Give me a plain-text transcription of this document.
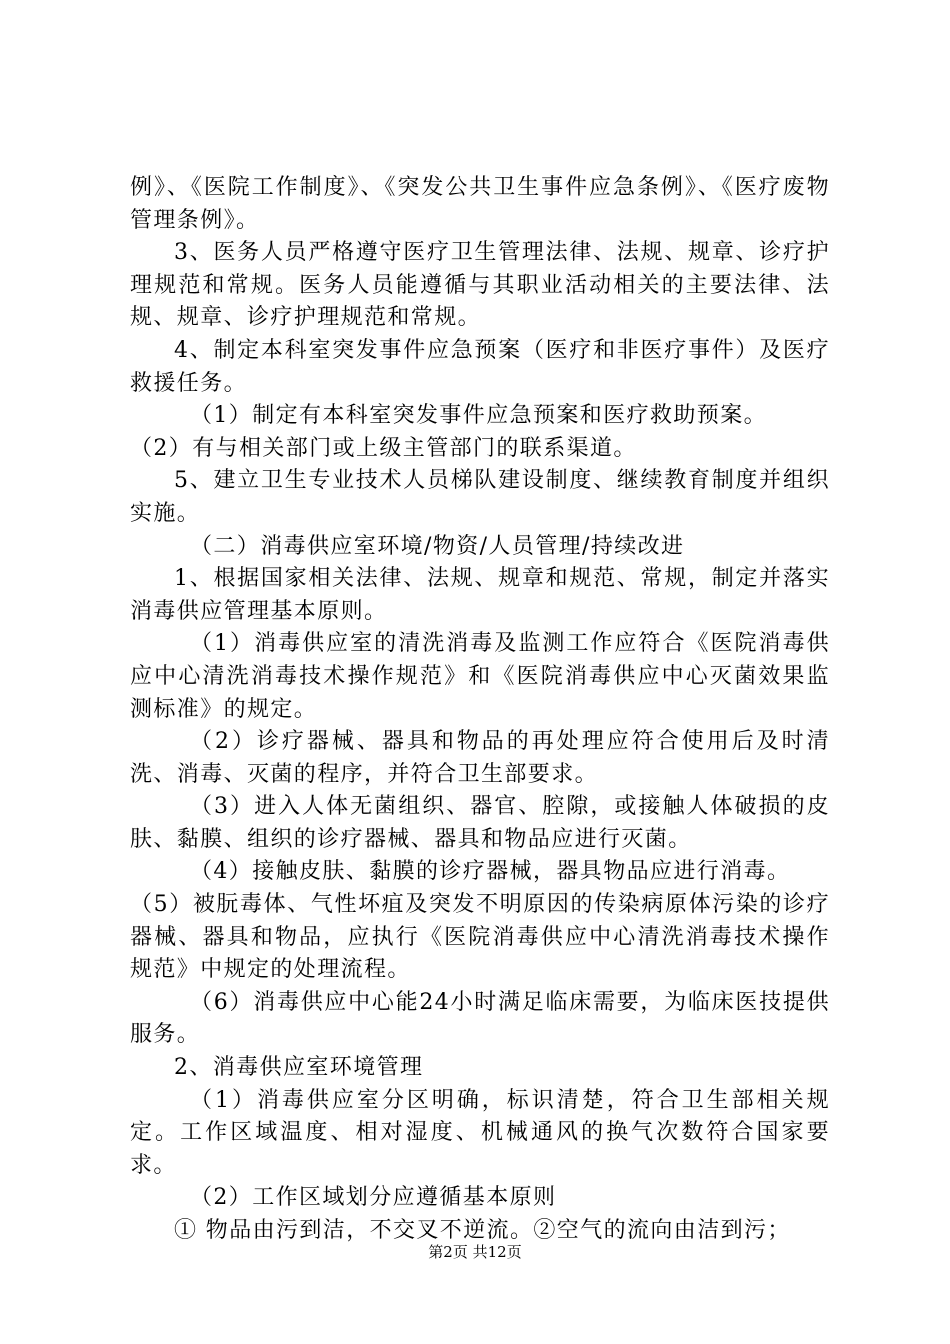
例》、《医院工作制度》、《突发公共卫生事件应急条例》、《医疗废物管理条例》。

3、医务人员严格遵守医疗卫生管理法律、法规、规章、诊疗护理规范和常规。医务人员能遵循与其职业活动相关的主要法律、法规、规章、诊疗护理规范和常规。

4、制定本科室突发事件应急预案（医疗和非医疗事件）及医疗救援任务。

（1）制定有本科室突发事件应急预案和医疗救助预案。

（2）有与相关部门或上级主管部门的联系渠道。

5、建立卫生专业技术人员梯队建设制度、继续教育制度并组织实施。

（二）消毒供应室环境/物资/人员管理/持续改进

1、根据国家相关法律、法规、规章和规范、常规，制定并落实消毒供应管理基本原则。

（1）消毒供应室的清洗消毒及监测工作应符合《医院消毒供应中心清洗消毒技术操作规范》和《医院消毒供应中心灭菌效果监测标准》的规定。

（2）诊疗器械、器具和物品的再处理应符合使用后及时清洗、消毒、灭菌的程序，并符合卫生部要求。

（3）进入人体无菌组织、器官、腔隙，或接触人体破损的皮肤、黏膜、组织的诊疗器械、器具和物品应进行灭菌。

（4）接触皮肤、黏膜的诊疗器械，器具物品应进行消毒。

（5）被朊毒体、气性坏疽及突发不明原因的传染病原体污染的诊疗器械、器具和物品，应执行《医院消毒供应中心清洗消毒技术操作规范》中规定的处理流程。

（6）消毒供应中心能24小时满足临床需要，为临床医技提供服务。

2、消毒供应室环境管理

（1）消毒供应室分区明确，标识清楚，符合卫生部相关规定。工作区域温度、相对湿度、机械通风的换气次数符合国家要求。

（2）工作区域划分应遵循基本原则

① 物品由污到洁，不交叉不逆流。②空气的流向由洁到污；

第2页 共12页
